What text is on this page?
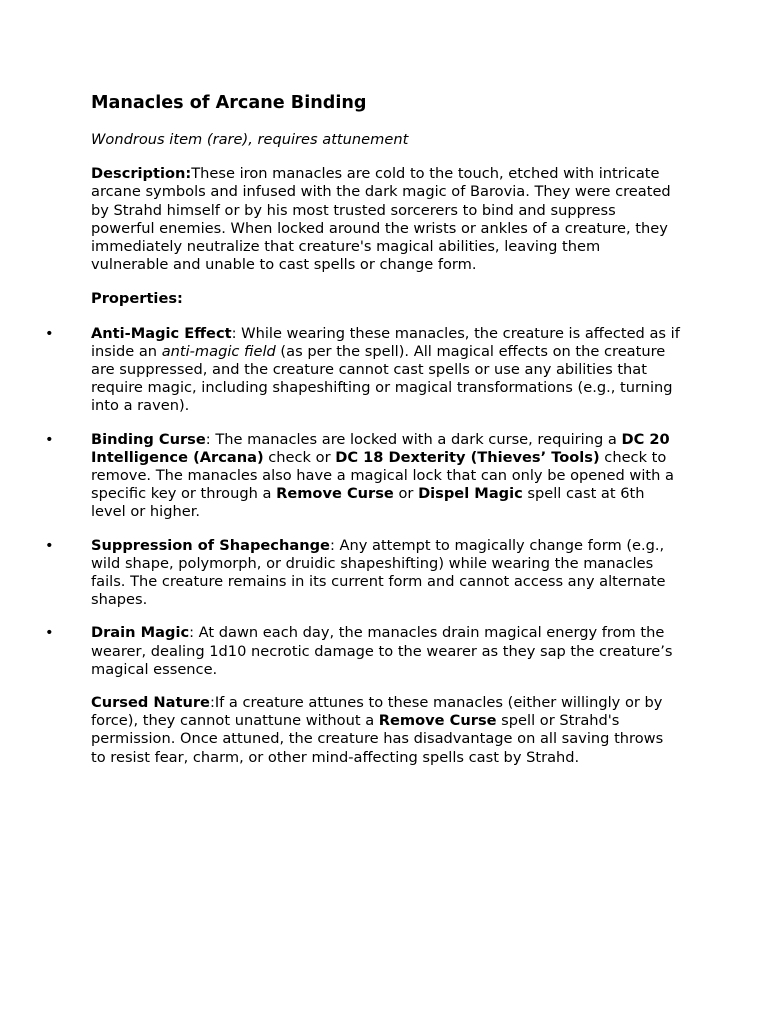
Manacles of Arcane Binding
Wondrous item (rare), requires attunement

Description:These iron manacles are cold to the touch, etched with intricate arcane symbols and infused with the dark magic of Barovia. They were created by Strahd himself or by his most trusted sorcerers to bind and suppress powerful enemies. When locked around the wrists or ankles of a creature, they immediately neutralize that creature's magical abilities, leaving them vulnerable and unable to cast spells or change form.

Properties:
•	Anti-Magic Effect: While wearing these manacles, the creature is affected as if inside an anti-magic field (as per the spell). All magical effects on the creature are suppressed, and the creature cannot cast spells or use any abilities that require magic, including shapeshifting or magical transformations (e.g., turning into a raven).
•	Binding Curse: The manacles are locked with a dark curse, requiring a DC 20 Intelligence (Arcana) check or DC 18 Dexterity (Thieves’ Tools) check to remove. The manacles also have a magical lock that can only be opened with a specific key or through a Remove Curse or Dispel Magic spell cast at 6th level or higher.
•	Suppression of Shapechange: Any attempt to magically change form (e.g., wild shape, polymorph, or druidic shapeshifting) while wearing the manacles fails. The creature remains in its current form and cannot access any alternate shapes.
•	Drain Magic: At dawn each day, the manacles drain magical energy from the wearer, dealing 1d10 necrotic damage to the wearer as they sap the creature’s magical essence.

Cursed Nature:If a creature attunes to these manacles (either willingly or by force), they cannot unattune without a Remove Curse spell or Strahd's permission. Once attuned, the creature has disadvantage on all saving throws to resist fear, charm, or other mind-affecting spells cast by Strahd.
